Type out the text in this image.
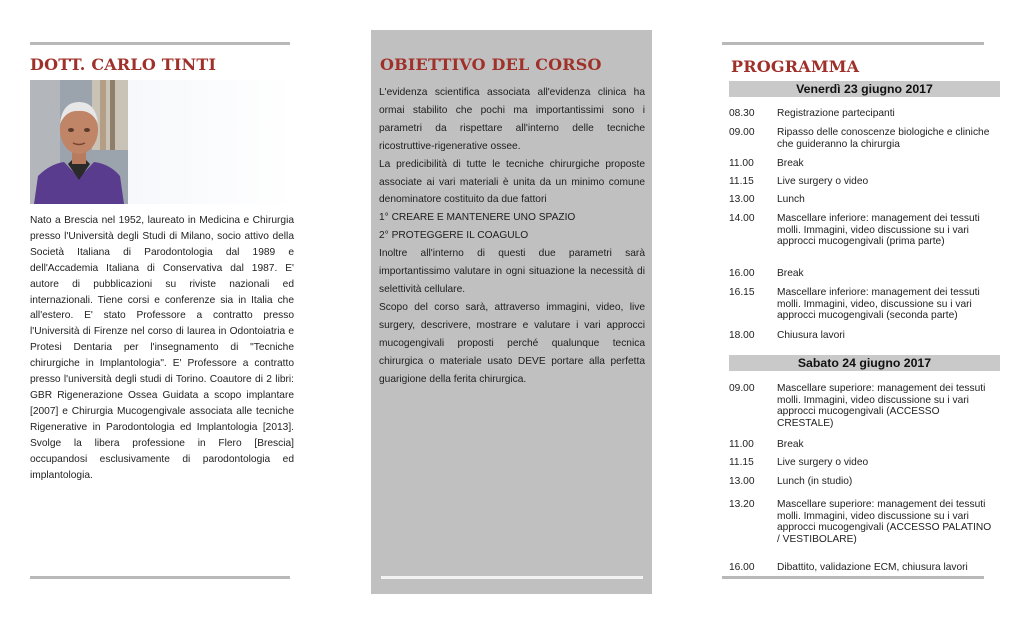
DOTT. CARLO TINTI

Nato a Brescia nel 1952, laureato in Medicina e Chirurgia presso l'Università degli Studi di Milano, socio attivo della Società Italiana di Parodontologia dal 1989 e dell'Accademia Italiana di Conservativa dal 1987. E' autore di pubblicazioni su riviste nazionali ed internazionali. Tiene corsi e conferenze sia in Italia che all'estero. E' stato Professore a contratto presso l'Università di Firenze nel corso di laurea in Odontoiatria e Protesi Dentaria per l'insegnamento di "Tecniche chirurgiche in Implantologia". E' Professore a contratto presso l'università degli studi di Torino. Coautore di 2 libri: GBR Rigenerazione Ossea Guidata a scopo implantare [2007] e Chirurgia Mucogengivale associata alle tecniche Rigenerative in Parodontologia ed Implantologia [2013]. Svolge la libera professione in Flero [Brescia] occupandosi esclusivamente di parodontologia ed implantologia.

OBIETTIVO DEL CORSO

L'evidenza scientifica associata all'evidenza clinica ha ormai stabilito che pochi ma importantissimi sono i parametri da rispettare all'interno delle tecniche ricostruttive-rigenerative ossee.

La predicibilità di tutte le tecniche chirurgiche proposte associate ai vari materiali è unita da un minimo comune denominatore costituito da due fattori

1° CREARE E MANTENERE UNO SPAZIO

2° PROTEGGERE IL COAGULO

Inoltre all'interno di questi due parametri sarà importantissimo valutare in ogni situazione la necessità di selettività cellulare.

Scopo del corso sarà, attraverso immagini, video, live surgery, descrivere, mostrare e valutare i vari approcci mucogengivali proposti perché qualunque tecnica chirurgica o materiale usato DEVE portare alla perfetta guarigione della ferita chirurgica.

PROGRAMMA
Venerdì 23 giugno 2017
08.30	Registrazione partecipanti
09.00	Ripasso delle conoscenze biologiche e cliniche che guideranno la chirurgia
11.00	Break
11.15	Live surgery o video
13.00	Lunch
14.00	Mascellare inferiore: management dei tessuti molli. Immagini, video discussione su i vari approcci mucogengivali (prima parte)
16.00	Break
16.15	Mascellare inferiore: management dei tessuti molli. Immagini, video, discussione su i vari approcci mucogengivali (seconda parte)
18.00	Chiusura lavori
Sabato 24 giugno 2017
09.00	Mascellare superiore: management dei tessuti molli. Immagini, video discussione su i vari approcci mucogengivali (ACCESSO CRESTALE)
11.00	Break
11.15	Live surgery o video
13.00	Lunch (in studio)
13.20	Mascellare superiore: management dei tessuti molli. Immagini, video discussione su i vari approcci mucogengivali (ACCESSO PALATINO / VESTIBOLARE)
16.00	Dibattito, validazione ECM, chiusura lavori
